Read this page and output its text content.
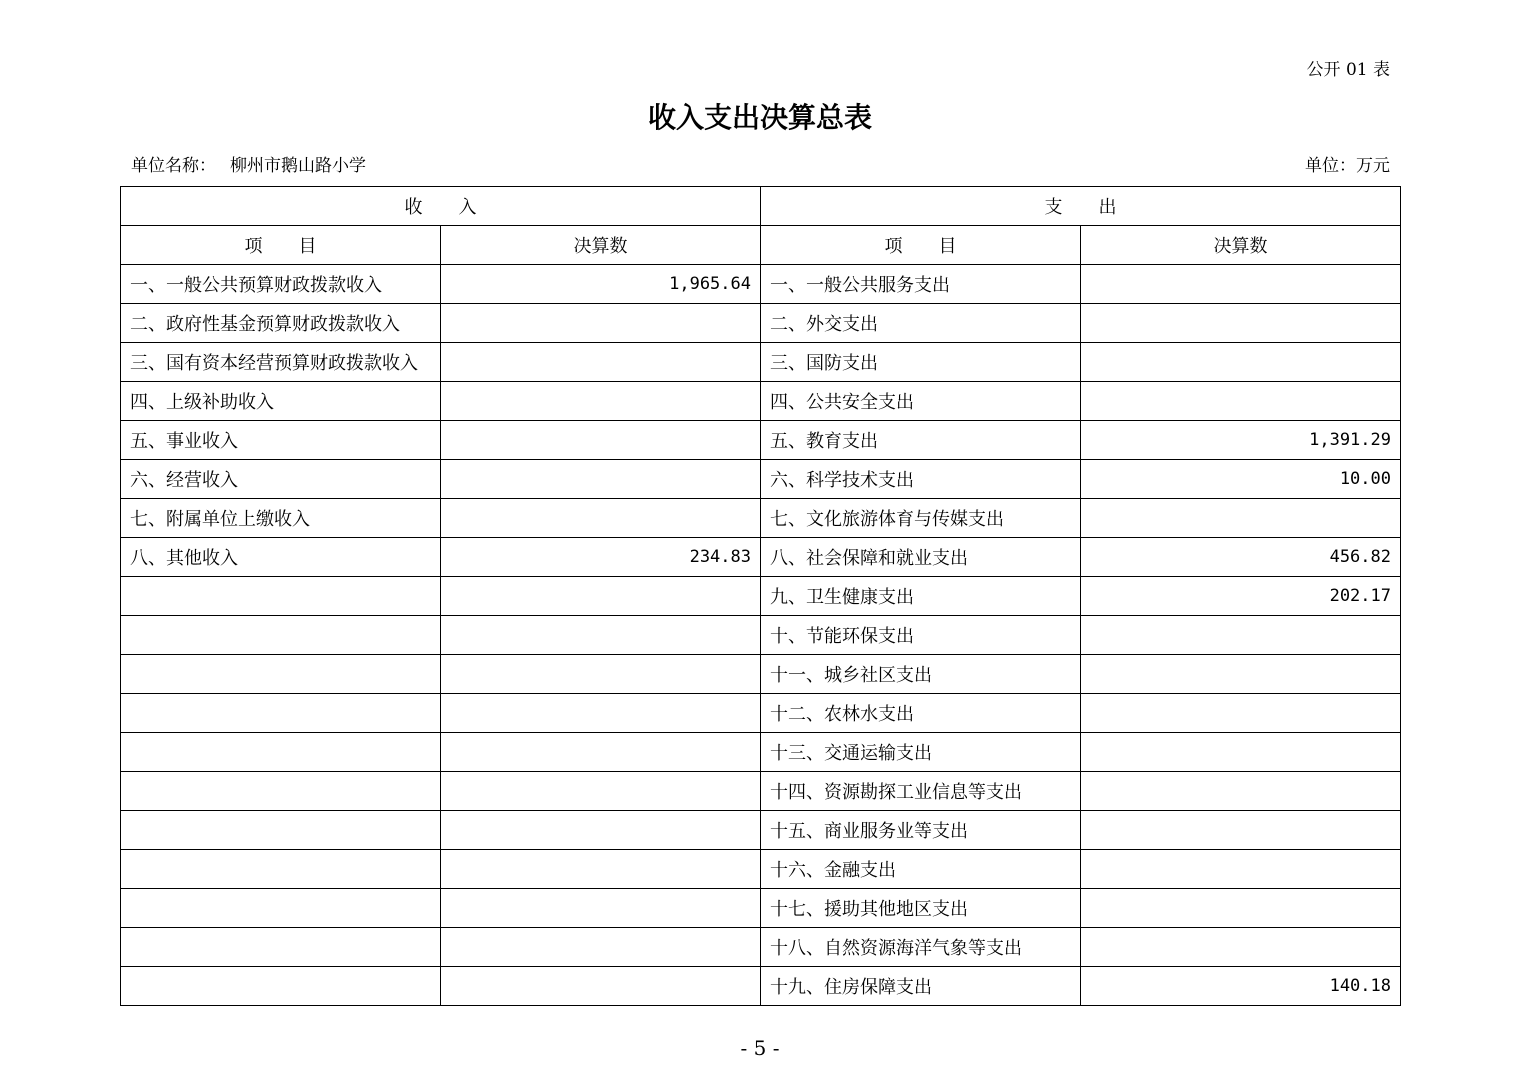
公开 01 表
收入支出决算总表
单位名称： 柳州市鹅山路小学	单位：万元
收　　入		支　　出	
项　　目	决算数	项　　目	决算数
一、一般公共预算财政拨款收入	1,965.64	一、一般公共服务支出	
二、政府性基金预算财政拨款收入		二、外交支出	
三、国有资本经营预算财政拨款收入		三、国防支出	
四、上级补助收入		四、公共安全支出	
五、事业收入		五、教育支出	1,391.29
六、经营收入		六、科学技术支出	10.00
七、附属单位上缴收入		七、文化旅游体育与传媒支出	
八、其他收入	234.83	八、社会保障和就业支出	456.82
		九、卫生健康支出	202.17
		十、节能环保支出	
		十一、城乡社区支出	
		十二、农林水支出	
		十三、交通运输支出	
		十四、资源勘探工业信息等支出	
		十五、商业服务业等支出	
		十六、金融支出	
		十七、援助其他地区支出	
		十八、自然资源海洋气象等支出	
		十九、住房保障支出	140.18
- 5 -
